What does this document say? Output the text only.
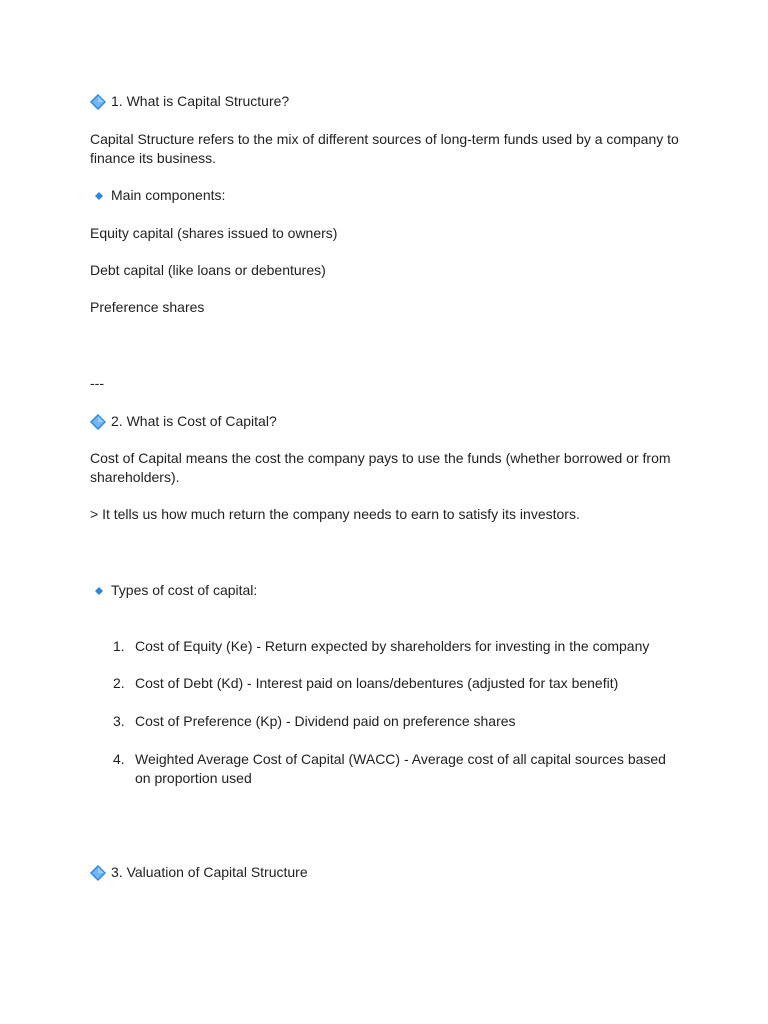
1. What is Capital Structure?

Capital Structure refers to the mix of different sources of long-term funds used by a company to finance its business.

Main components:

Equity capital (shares issued to owners)

Debt capital (like loans or debentures)

Preference shares

---

2. What is Cost of Capital?

Cost of Capital means the cost the company pays to use the funds (whether borrowed or from shareholders).

> It tells us how much return the company needs to earn to satisfy its investors.

Types of cost of capital:
1. Cost of Equity (Ke) - Return expected by shareholders for investing in the company
2. Cost of Debt (Kd) - Interest paid on loans/debentures (adjusted for tax benefit)
3. Cost of Preference (Kp) - Dividend paid on preference shares
4. Weighted Average Cost of Capital (WACC) - Average cost of all capital sources based on proportion used
3. Valuation of Capital Structure
